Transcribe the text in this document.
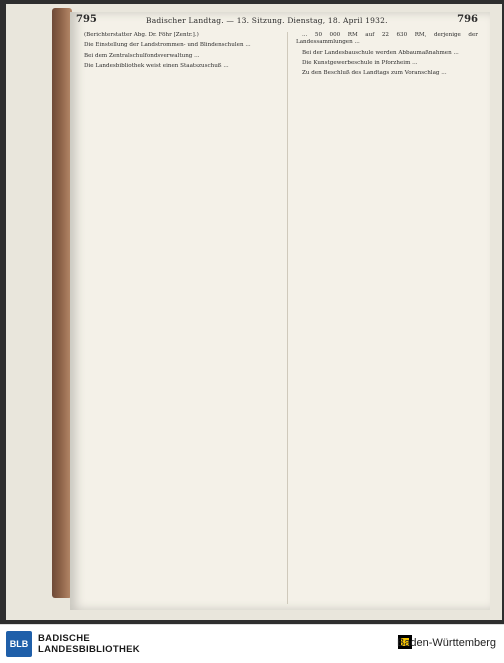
795	Badischer Landtag. — 13. Sitzung. Dienstag, 18. April 1932.	796

(Berichterstatter Abg. Dr. Föhr [Zentr.].)

Die Einstellung der Landstrommen- und Blindenschulen ...

Bei dem Zentralschulfondsverwaltung ...

Die Landesbibliothek weist einen Staatszuschuß ...

... 50 000 RM auf 22 630 RM, derjenige der Landessammlungen ...

Bei der Landesbauschule werden Abbaumaßnahmen ...

Die Kunstgewerbeschule in Pforzheim ...

Zu den Beschluß des Landtags zum Voranschlag ...

BLB BADISCHE
LANDESBIBLIOTHEK
Baden-Württemberg
